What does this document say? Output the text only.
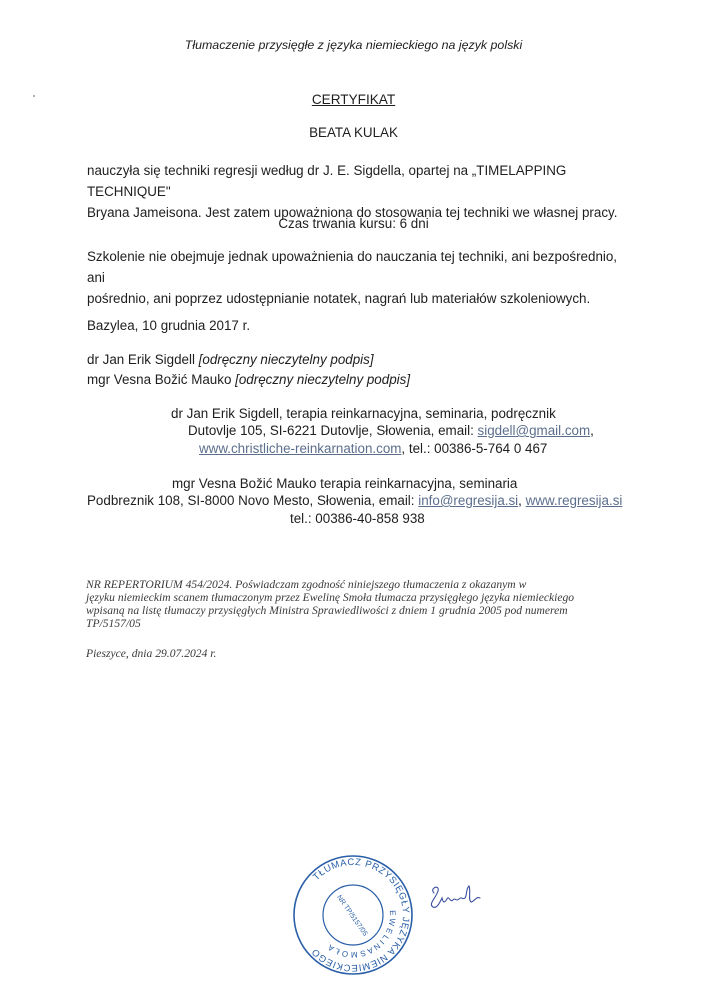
Tłumaczenie przysięgłe z języka niemieckiego na język polski
CERTYFIKAT
BEATA KULAK
nauczyła się techniki regresji według dr J. E. Sigdella, opartej na „TIMELAPPING TECHNIQUE"
Bryana Jameisona. Jest zatem upoważniona do stosowania tej techniki we własnej pracy.
Czas trwania kursu: 6 dni
Szkolenie nie obejmuje jednak upoważnienia do nauczania tej techniki, ani bezpośrednio, ani
pośrednio, ani poprzez udostępnianie notatek, nagrań lub materiałów szkoleniowych.
Bazylea, 10 grudnia 2017 r.
dr Jan Erik Sigdell [odręczny nieczytelny podpis]
mgr Vesna Božić Mauko [odręczny nieczytelny podpis]
dr Jan Erik Sigdell, terapia reinkarnacyjna, seminaria, podręcznik
Dutovlje 105, SI-6221 Dutovlje, Słowenia, email: sigdell@gmail.com,
www.christliche-reinkarnation.com, tel.: 00386-5-764 0 467
mgr Vesna Božić Mauko terapia reinkarnacyjna, seminaria
Podbreznik 108, SI-8000 Novo Mesto, Słowenia, email: info@regresija.si, www.regresija.si
tel.: 00386-40-858 938
NR REPERTORIUM 454/2024. Poświadczam zgodność niniejszego tłumaczenia z okazanym w
języku niemieckim scanem tłumaczonym przez Ewelinę Smoła tłumacza przysięgłego języka niemieckiego
wpisaną na listę tłumaczy przysięgłych Ministra Sprawiedliwości z dniem 1 grudnia 2005 pod numerem
TP/5157/05
Pieszyce, dnia 29.07.2024 r.
TŁUMACZ PRZYSIĘGŁY JĘZYKA NIEMIECKIEGO
E W E L I N A S M O Ł A
NR TP/5157/05
